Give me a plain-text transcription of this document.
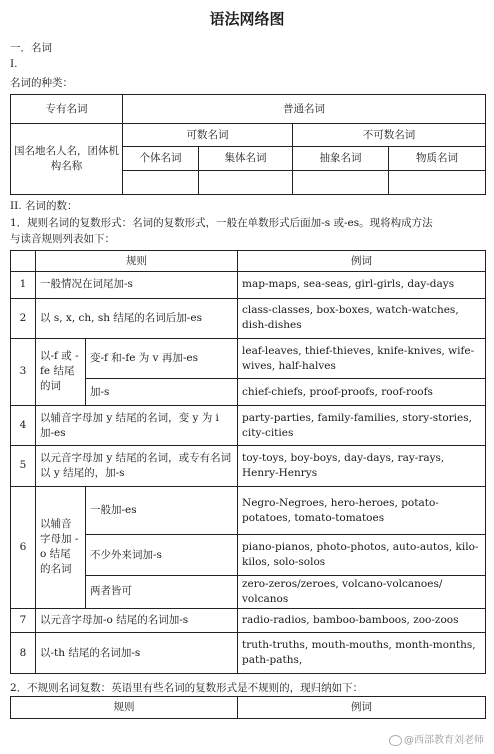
语法网络图
一．名词
I.
名词的种类：
专有名词	普通名词			
国名地名人名，团体机构名称	可数名词		不可数名词	
	个体名词	集体名词	抽象名词	物质名词

II. 名词的数：
1．规则名词的复数形式：名词的复数形式，一般在单数形式后面加-s 或-es。现将构成方法
与读音规则列表如下：
	规则		例词
1	一般情况在词尾加-s		map-maps, sea-seas, girl-girls, day-days
2	以 s, x, ch, sh 结尾的名词后加-es		class-classes, box-boxes, watch-watches, dish-dishes
3	以-f 或 -fe 结尾的词	变-f 和-fe 为 v 再加-es	leaf-leaves, thief-thieves, knife-knives, wife-wives, half-halves
		加-s	chief-chiefs, proof-proofs, roof-roofs
4	以辅音字母加 y 结尾的名词，变 y 为 i 加-es		party-parties, family-families, story-stories, city-cities
5	以元音字母加 y 结尾的名词，或专有名词以 y 结尾的，加-s		toy-toys, boy-boys, day-days, ray-rays, Henry-Henrys
6	以辅音字母加 -o 结尾的名词	一般加-es	Negro-Negroes, hero-heroes, potato-potatoes, tomato-tomatoes
		不少外来词加-s	piano-pianos, photo-photos, auto-autos, kilo-kilos, solo-solos
		两者皆可	zero-zeros/zeroes, volcano-volcanoes/ volcanos
7	以元音字母加-o 结尾的名词加-s		radio-radios, bamboo-bamboos, zoo-zoos
8	以-th 结尾的名词加-s		truth-truths, mouth-mouths, month-months, path-paths,
2．不规则名词复数：英语里有些名词的复数形式是不规则的，现归纳如下：
规则	例词
@西部教育刘老师
